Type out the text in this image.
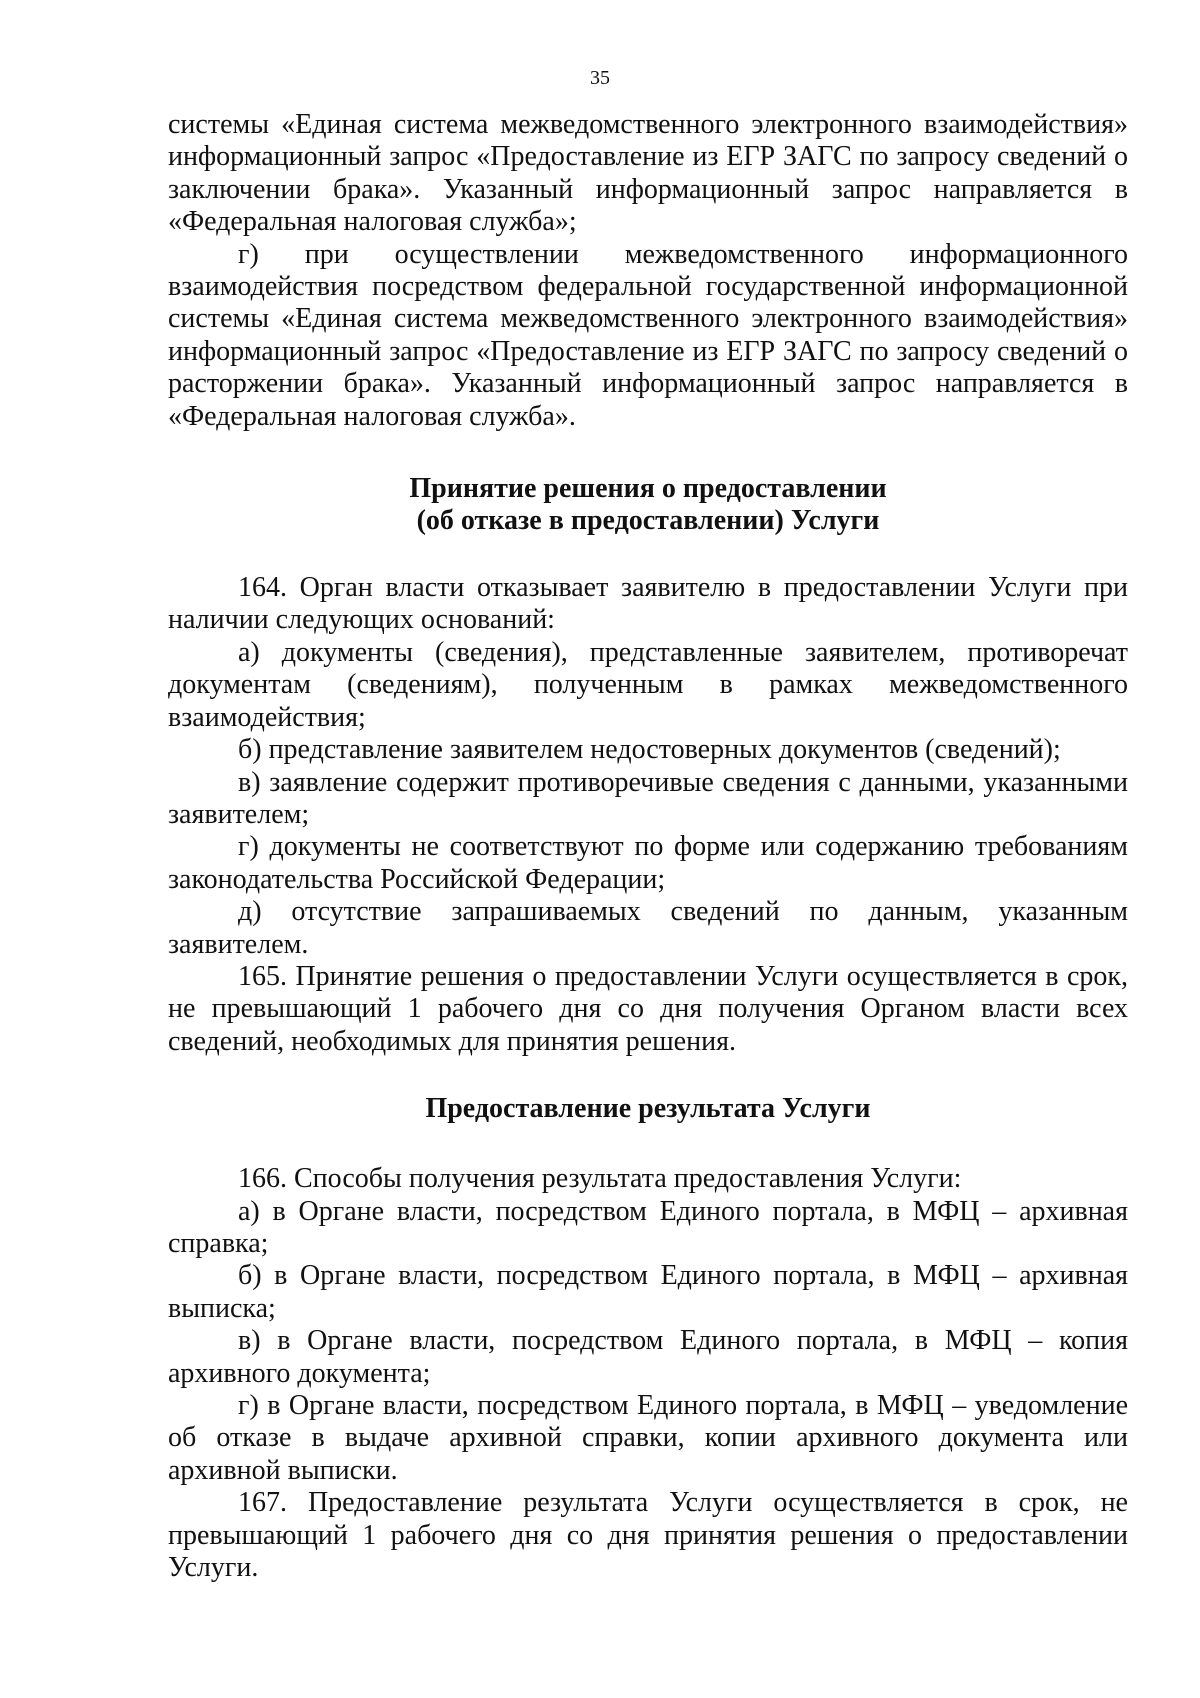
35

системы «Единая система межведомственного электронного взаимодействия» информационный запрос «Предоставление из ЕГР ЗАГС по запросу сведений о заключении брака». Указанный информационный запрос направляется в «Федеральная налоговая служба»;

г) при осуществлении межведомственного информационного взаимодействия посредством федеральной государственной информационной системы «Единая система межведомственного электронного взаимодействия» информационный запрос «Предоставление из ЕГР ЗАГС по запросу сведений о расторжении брака». Указанный информационный запрос направляется в «Федеральная налоговая служба».

Принятие решения о предоставлении
(об отказе в предоставлении) Услуги

164. Орган власти отказывает заявителю в предоставлении Услуги при наличии следующих оснований:

а) документы (сведения), представленные заявителем, противоречат документам (сведениям), полученным в рамках межведомственного взаимодействия;

б) представление заявителем недостоверных документов (сведений);

в) заявление содержит противоречивые сведения с данными, указанными заявителем;

г) документы не соответствуют по форме или содержанию требованиям законодательства Российской Федерации;

д) отсутствие запрашиваемых сведений по данным, указанным заявителем.

165. Принятие решения о предоставлении Услуги осуществляется в срок, не превышающий 1 рабочего дня со дня получения Органом власти всех сведений, необходимых для принятия решения.

Предоставление результата Услуги

166. Способы получения результата предоставления Услуги:

а) в Органе власти, посредством Единого портала, в МФЦ – архивная справка;

б) в Органе власти, посредством Единого портала, в МФЦ – архивная выписка;

в) в Органе власти, посредством Единого портала, в МФЦ – копия архивного документа;

г) в Органе власти, посредством Единого портала, в МФЦ – уведомление об отказе в выдаче архивной справки, копии архивного документа или архивной выписки.

167. Предоставление результата Услуги осуществляется в срок, не превышающий 1 рабочего дня со дня принятия решения о предоставлении Услуги.
